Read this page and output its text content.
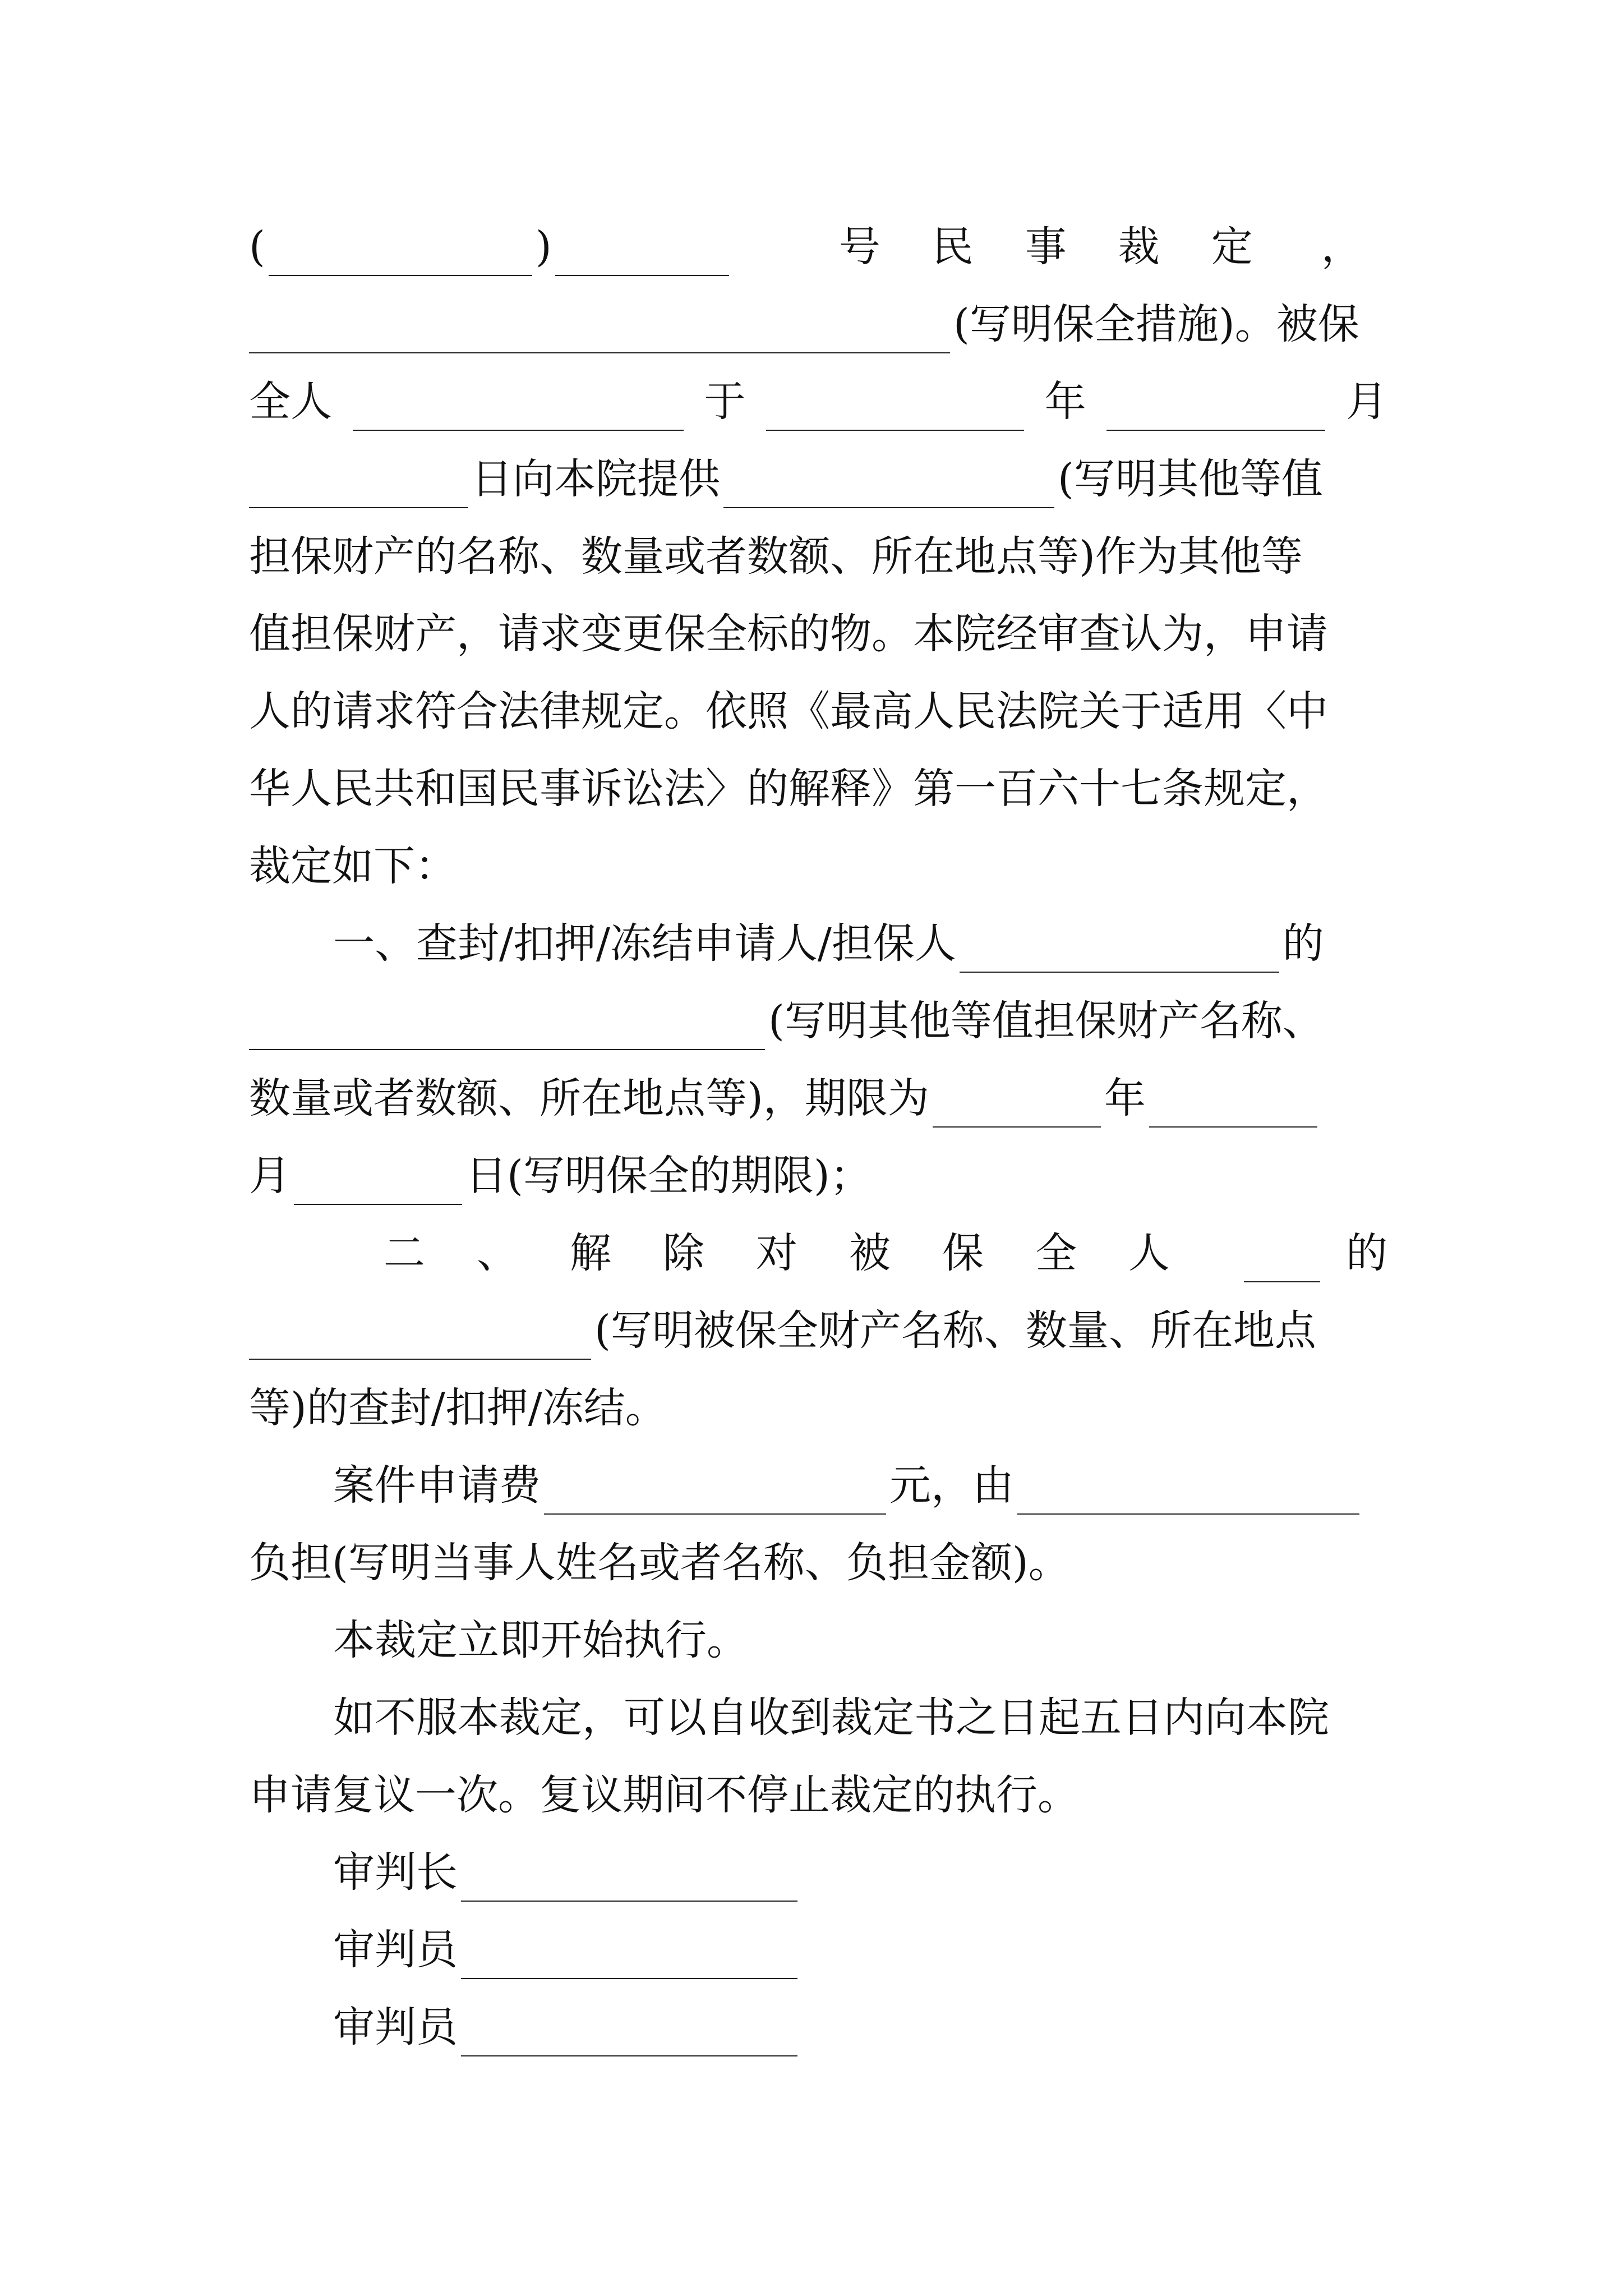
(	)	号民事裁定 ，
(写明保全措施)。被保
全人	于	年	月
日向本院提供	(写明其他等值
担保财产的名称、数量或者数额、所在地点等)作为其他等
值担保财产，请求变更保全标的物。本院经审查认为，申请
人的请求符合法律规定。依照《最高人民法院关于适用〈中
华人民共和国民事诉讼法〉的解释》第一百六十七条规定，
裁定如下：
一、查封/扣押/冻结申请人/担保人	的
(写明其他等值担保财产名称、
数量或者数额、所在地点等)，期限为	年
月	日(写明保全的期限)；
二、解除对被保全人	的
(写明被保全财产名称、数量、所在地点
等)的查封/扣押/冻结。
案件申请费	元，由
负担(写明当事人姓名或者名称、负担金额)。
本裁定立即开始执行。
如不服本裁定，可以自收到裁定书之日起五日内向本院
申请复议一次。复议期间不停止裁定的执行。
审判长
审判员
审判员
